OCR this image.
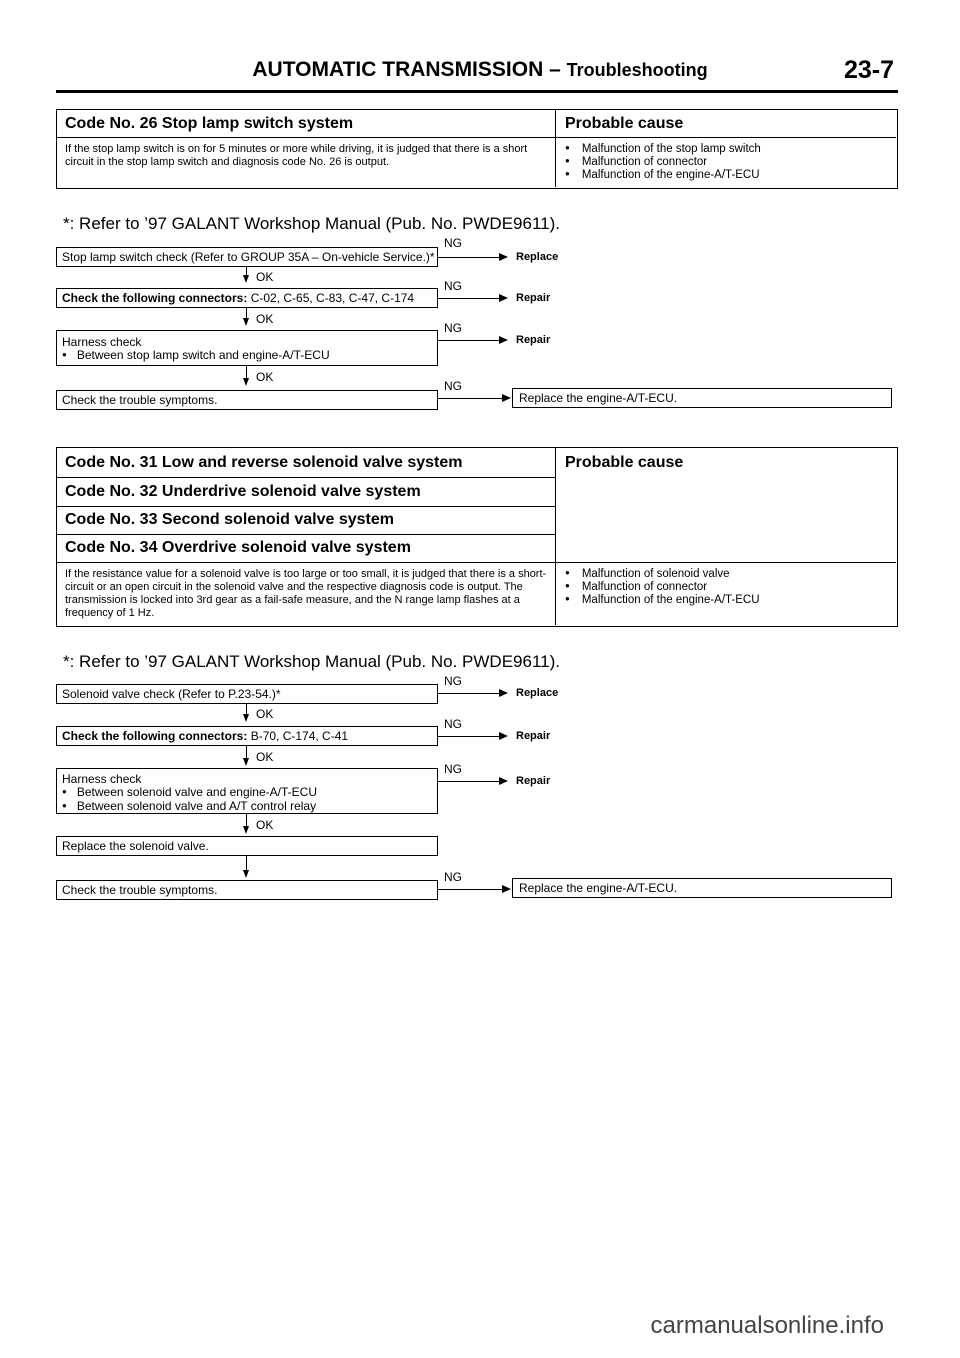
AUTOMATIC TRANSMISSION – Troubleshooting	23-7
Code No. 26 Stop lamp switch system	Probable cause
If the stop lamp switch is on for 5 minutes or more while driving, it is judged that there is a short circuit in the stop lamp switch and diagnosis code No. 26 is output.
● Malfunction of the stop lamp switch
● Malfunction of connector
● Malfunction of the engine-A/T-ECU
*: Refer to ’97 GALANT Workshop Manual (Pub. No. PWDE9611).
Stop lamp switch check (Refer to GROUP 35A – On-vehicle Service.)*
NG
Replace
OK
Check the following connectors: C-02, C-65, C-83, C-47, C-174
NG
Repair
OK
Harness check
● Between stop lamp switch and engine-A/T-ECU
NG
Repair
OK
Check the trouble symptoms.
NG
Replace the engine-A/T-ECU.
Code No. 31 Low and reverse solenoid valve system
Code No. 32 Underdrive solenoid valve system
Code No. 33 Second solenoid valve system
Code No. 34 Overdrive solenoid valve system
Probable cause
If the resistance value for a solenoid valve is too large or too small, it is judged that there is a short-circuit or an open circuit in the solenoid valve and the respective diagnosis code is output. The transmission is locked into 3rd gear as a fail-safe measure, and the N range lamp flashes at a frequency of 1 Hz.
● Malfunction of solenoid valve
● Malfunction of connector
● Malfunction of the engine-A/T-ECU
*: Refer to ’97 GALANT Workshop Manual (Pub. No. PWDE9611).
Solenoid valve check (Refer to P.23-54.)*
NG
Replace
OK
Check the following connectors: B-70, C-174, C-41
NG
Repair
OK
Harness check
● Between solenoid valve and engine-A/T-ECU
● Between solenoid valve and A/T control relay
NG
Repair
OK
Replace the solenoid valve.
Check the trouble symptoms.
NG
Replace the engine-A/T-ECU.
carmanualsonline.info
